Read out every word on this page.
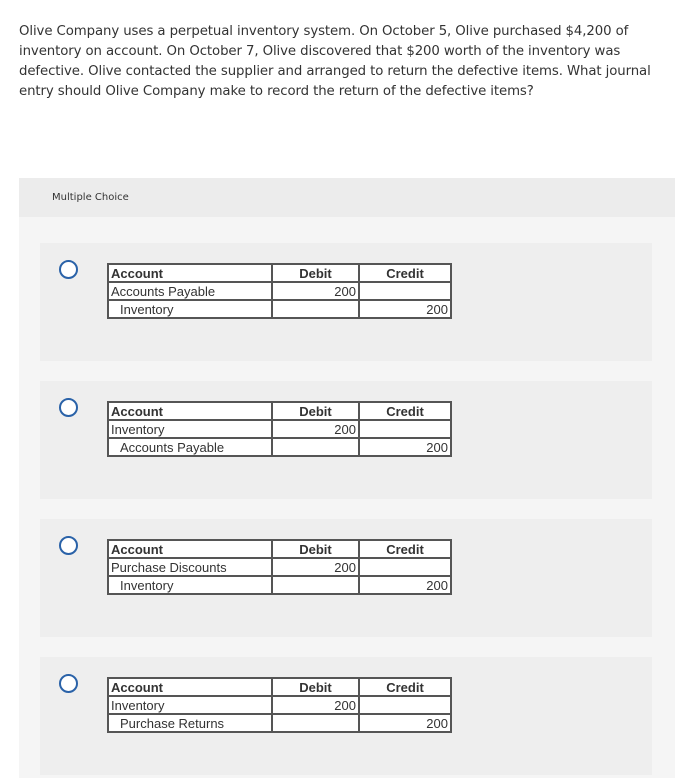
Olive Company uses a perpetual inventory system. On October 5, Olive purchased $4,200 of inventory on account. On October 7, Olive discovered that $200 worth of the inventory was defective. Olive contacted the supplier and arranged to return the defective items. What journal entry should Olive Company make to record the return of the defective items?
Multiple Choice
Account	Debit	Credit
Accounts Payable	200	
Inventory		200
Account	Debit	Credit
Inventory	200	
Accounts Payable		200
Account	Debit	Credit
Purchase Discounts	200	
Inventory		200
Account	Debit	Credit
Inventory	200	
Purchase Returns		200
